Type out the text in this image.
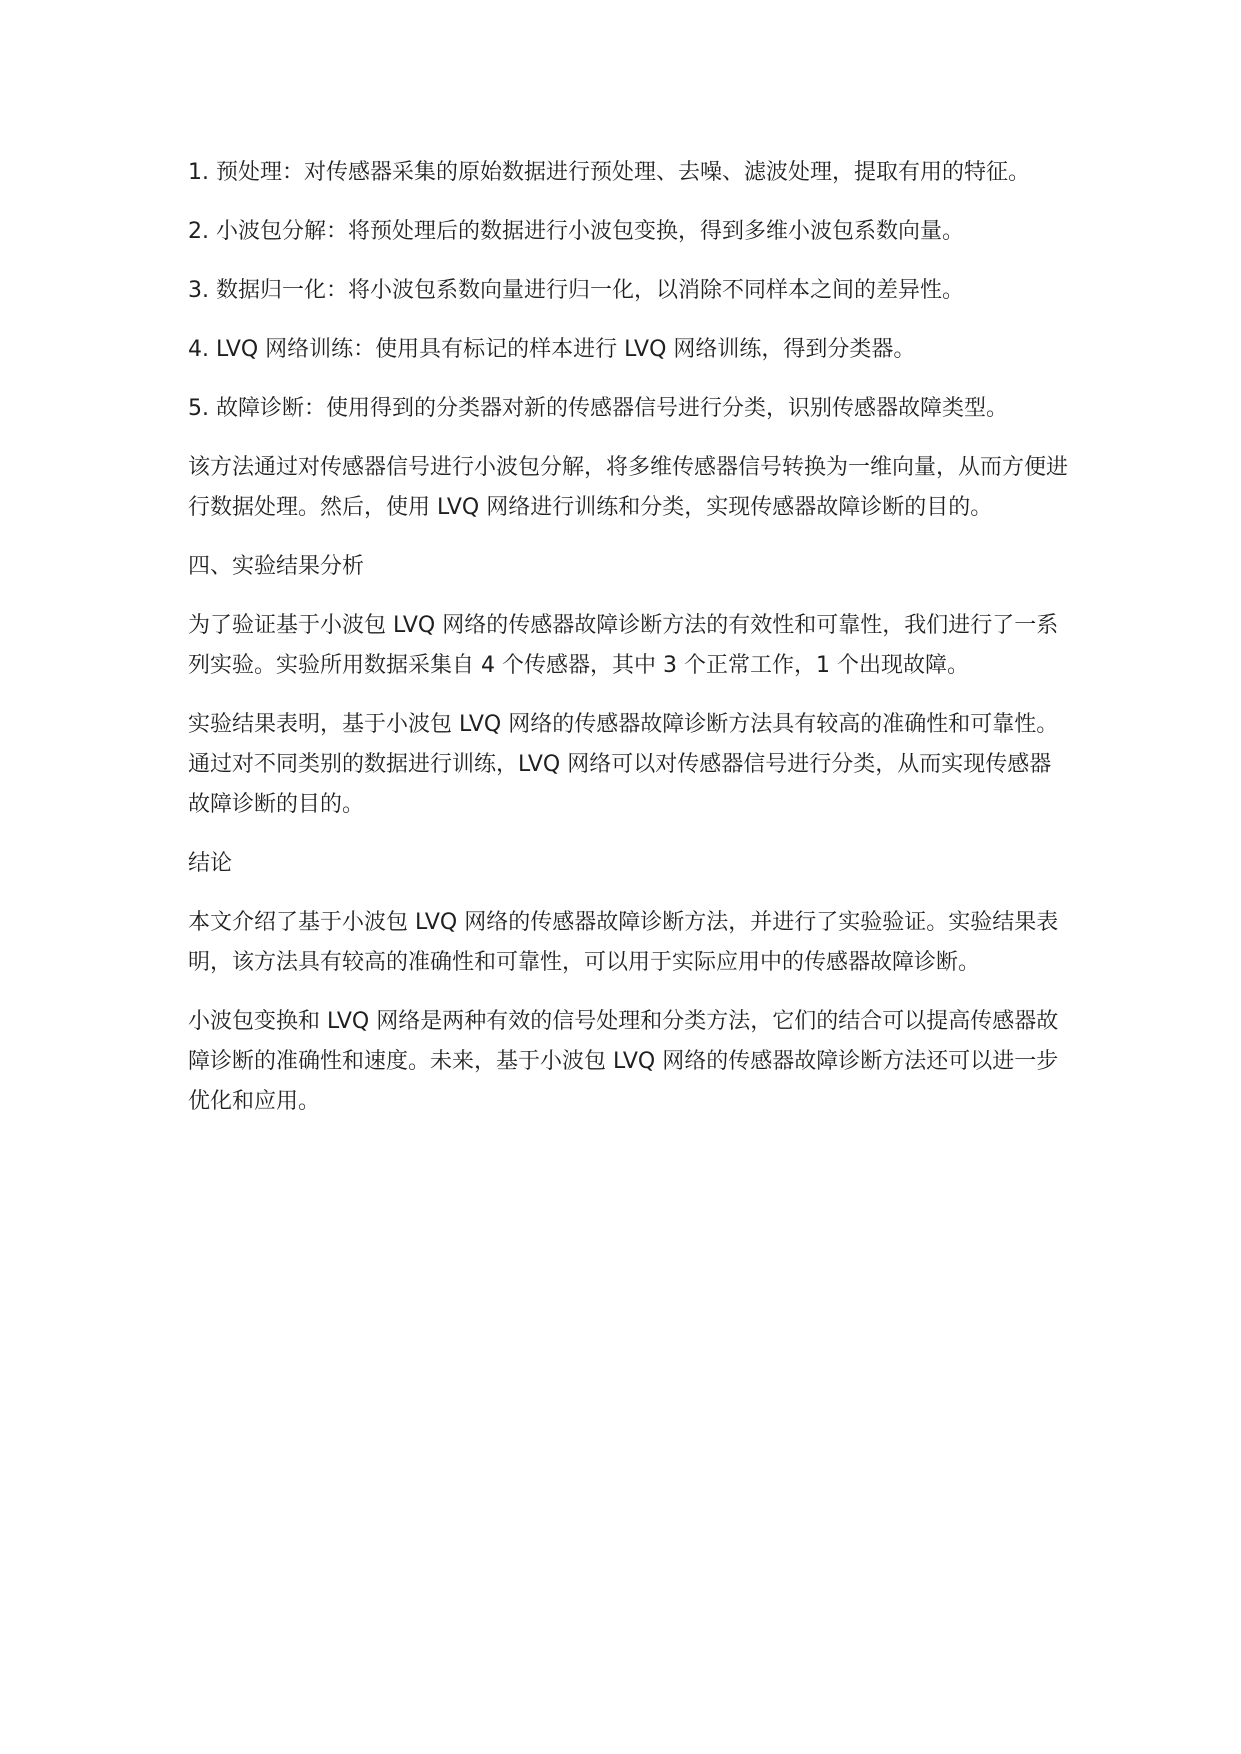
1. 预处理：对传感器采集的原始数据进行预处理、去噪、滤波处理，提取有用的特征。

2. 小波包分解：将预处理后的数据进行小波包变换，得到多维小波包系数向量。

3. 数据归一化：将小波包系数向量进行归一化，以消除不同样本之间的差异性。

4. LVQ 网络训练：使用具有标记的样本进行 LVQ 网络训练，得到分类器。

5. 故障诊断：使用得到的分类器对新的传感器信号进行分类，识别传感器故障类型。

该方法通过对传感器信号进行小波包分解，将多维传感器信号转换为一维向量，从而方便进行数据处理。然后，使用 LVQ 网络进行训练和分类，实现传感器故障诊断的目的。

四、实验结果分析

为了验证基于小波包 LVQ 网络的传感器故障诊断方法的有效性和可靠性，我们进行了一系列实验。实验所用数据采集自 4 个传感器，其中 3 个正常工作，1 个出现故障。

实验结果表明，基于小波包 LVQ 网络的传感器故障诊断方法具有较高的准确性和可靠性。通过对不同类别的数据进行训练，LVQ 网络可以对传感器信号进行分类，从而实现传感器故障诊断的目的。

结论

本文介绍了基于小波包 LVQ 网络的传感器故障诊断方法，并进行了实验验证。实验结果表明，该方法具有较高的准确性和可靠性，可以用于实际应用中的传感器故障诊断。

小波包变换和 LVQ 网络是两种有效的信号处理和分类方法，它们的结合可以提高传感器故障诊断的准确性和速度。未来，基于小波包 LVQ 网络的传感器故障诊断方法还可以进一步优化和应用。
